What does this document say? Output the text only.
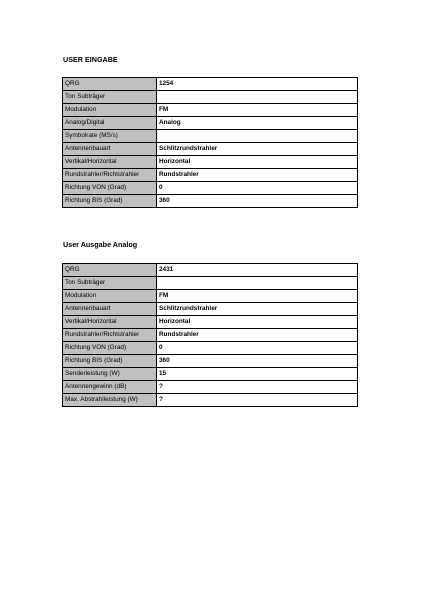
USER EINGABE
QRG	1254
Ton Subträger	
Modulation	FM
Analog/Digital	Analog
Symbolrate (MS/s)	
Antennenbauart	Schlitzrundstrahler
Vertikal/Horizontal	Horizontal
Rundstrahler/Richtstrahler	Rundstrahler
Richtung VON (Grad)	0
Richtung BIS (Grad)	360
User Ausgabe Analog
QRG	2431
Ton Subträger	
Modulation	FM
Antennenbauart	Schlitzrundstrahler
Vertikal/Horizontal	Horizontal
Rundstrahler/Richtstrahler	Rundstrahler
Richtung VON (Grad)	0
Richtung BIS (Grad)	360
Senderleistung (W)	15
Antennengewinn (dB)	?
Max. Abstrahlleistung (W)	?
